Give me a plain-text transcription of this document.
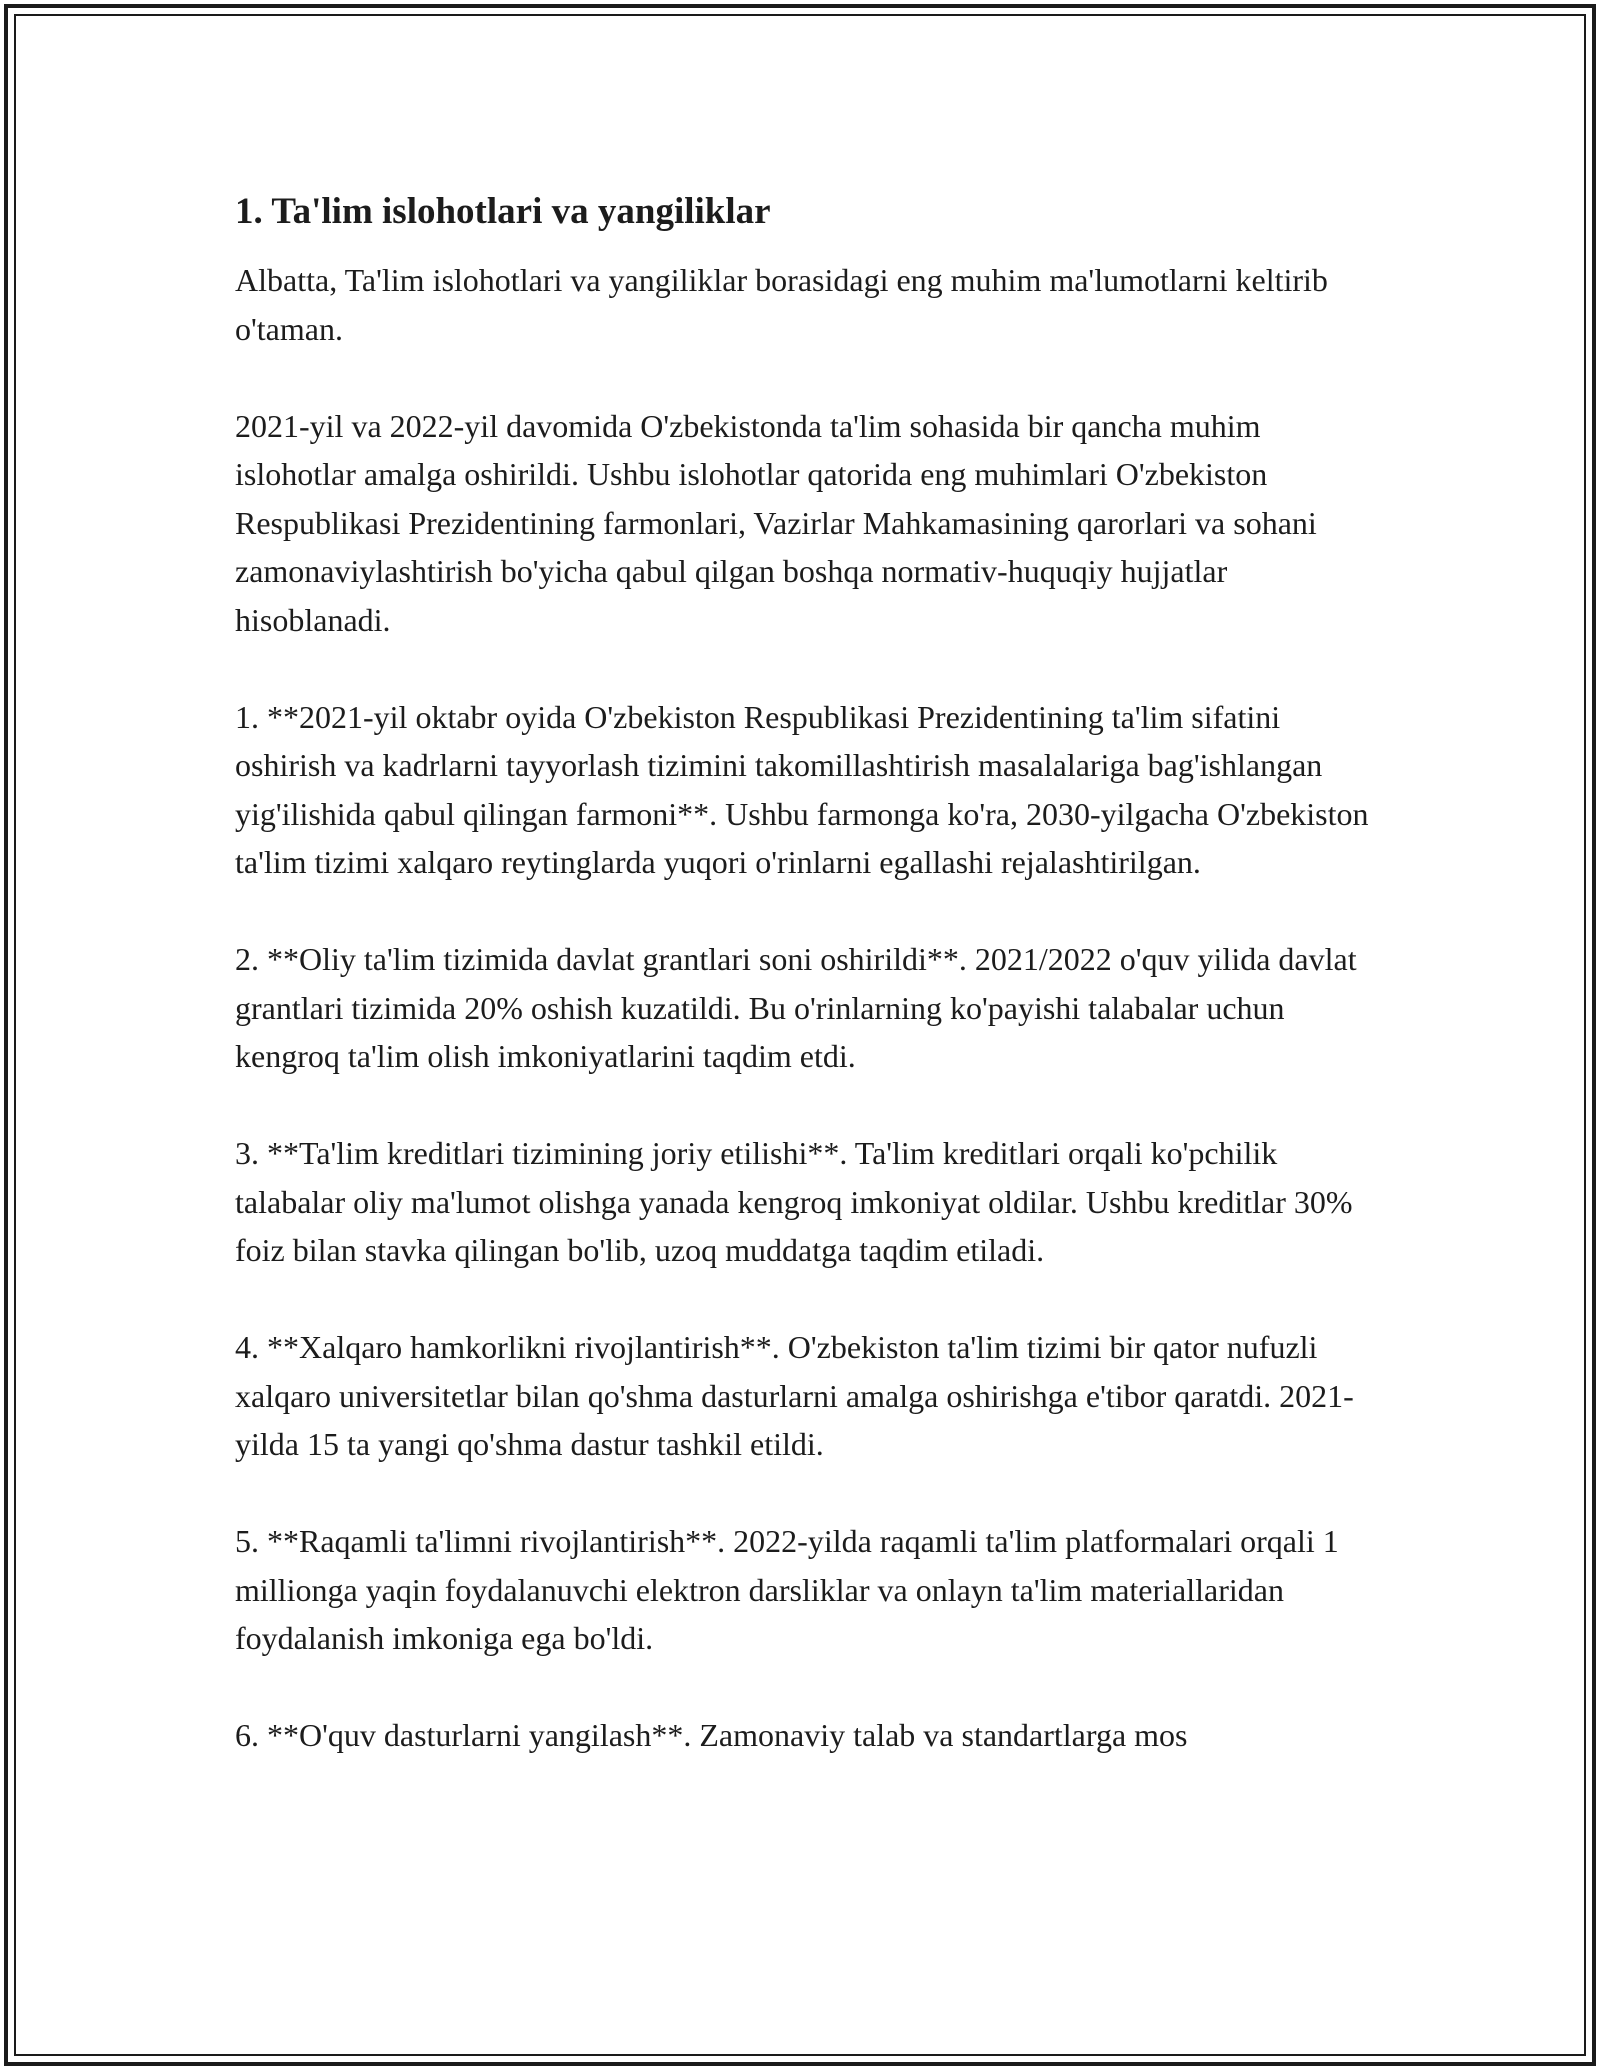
1. Ta'lim islohotlari va yangiliklar

Albatta, Ta'lim islohotlari va yangiliklar borasidagi eng muhim ma'lumotlarni keltirib o'taman.

2021-yil va 2022-yil davomida O'zbekistonda ta'lim sohasida bir qancha muhim islohotlar amalga oshirildi. Ushbu islohotlar qatorida eng muhimlari O'zbekiston Respublikasi Prezidentining farmonlari, Vazirlar Mahkamasining qarorlari va sohani zamonaviylashtirish bo'yicha qabul qilgan boshqa normativ-huquqiy hujjatlar hisoblanadi.

1. **2021-yil oktabr oyida O'zbekiston Respublikasi Prezidentining ta'lim sifatini oshirish va kadrlarni tayyorlash tizimini takomillashtirish masalalariga bag'ishlangan yig'ilishida qabul qilingan farmoni**. Ushbu farmonga ko'ra, 2030-yilgacha O'zbekiston ta'lim tizimi xalqaro reytinglarda yuqori o'rinlarni egallashi rejalashtirilgan.

2. **Oliy ta'lim tizimida davlat grantlari soni oshirildi**. 2021/2022 o'quv yilida davlat grantlari tizimida 20% oshish kuzatildi. Bu o'rinlarning ko'payishi talabalar uchun kengroq ta'lim olish imkoniyatlarini taqdim etdi.

3. **Ta'lim kreditlari tizimining joriy etilishi**. Ta'lim kreditlari orqali ko'pchilik talabalar oliy ma'lumot olishga yanada kengroq imkoniyat oldilar. Ushbu kreditlar 30% foiz bilan stavka qilingan bo'lib, uzoq muddatga taqdim etiladi.

4. **Xalqaro hamkorlikni rivojlantirish**. O'zbekiston ta'lim tizimi bir qator nufuzli xalqaro universitetlar bilan qo'shma dasturlarni amalga oshirishga e'tibor qaratdi. 2021-yilda 15 ta yangi qo'shma dastur tashkil etildi.

5. **Raqamli ta'limni rivojlantirish**. 2022-yilda raqamli ta'lim platformalari orqali 1 millionga yaqin foydalanuvchi elektron darsliklar va onlayn ta'lim materiallaridan foydalanish imkoniga ega bo'ldi.

6. **O'quv dasturlarni yangilash**. Zamonaviy talab va standartlarga mos
